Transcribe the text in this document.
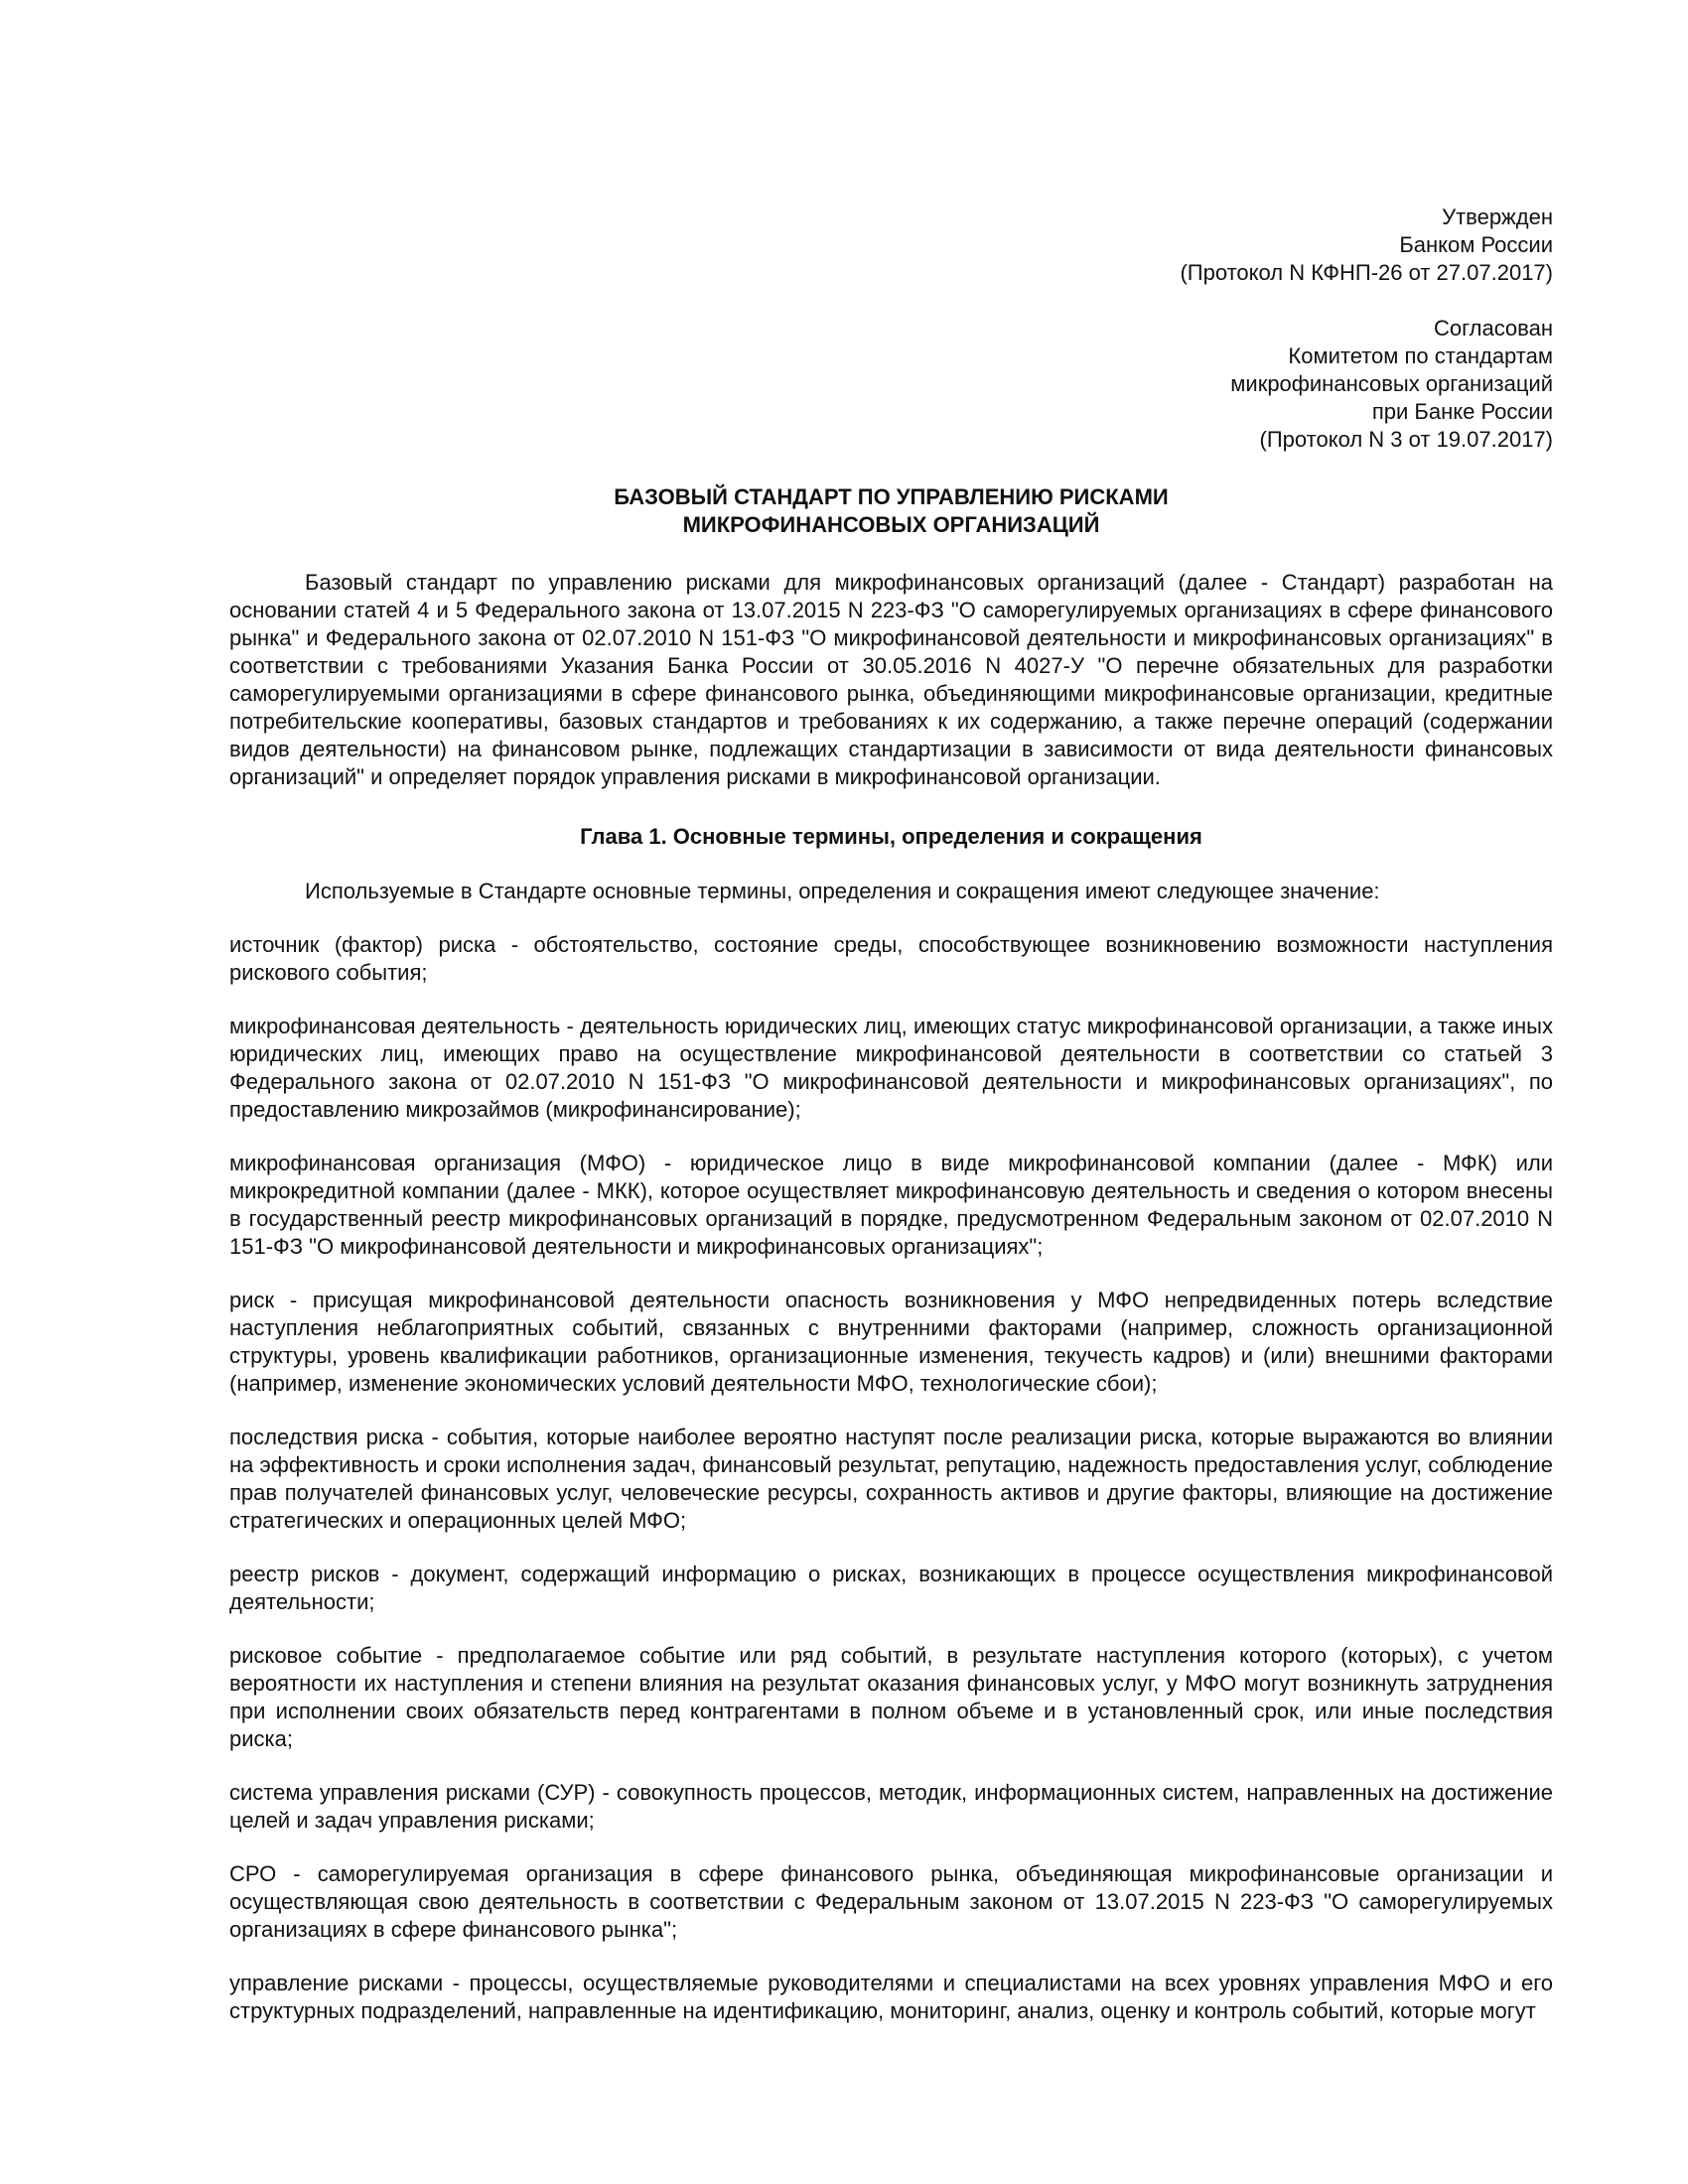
Утвержден
Банком России
(Протокол N КФНП-26 от 27.07.2017)
Согласован
Комитетом по стандартам
микрофинансовых организаций
при Банке России
(Протокол N 3 от 19.07.2017)
БАЗОВЫЙ СТАНДАРТ ПО УПРАВЛЕНИЮ РИСКАМИ
МИКРОФИНАНСОВЫХ ОРГАНИЗАЦИЙ

Базовый стандарт по управлению рисками для микрофинансовых организаций (далее - Стандарт) разработан на основании статей 4 и 5 Федерального закона от 13.07.2015 N 223-ФЗ "О саморегулируемых организациях в сфере финансового рынка" и Федерального закона от 02.07.2010 N 151-ФЗ "О микрофинансовой деятельности и микрофинансовых организациях" в соответствии с требованиями Указания Банка России от 30.05.2016 N 4027-У "О перечне обязательных для разработки саморегулируемыми организациями в сфере финансового рынка, объединяющими микрофинансовые организации, кредитные потребительские кооперативы, базовых стандартов и требованиях к их содержанию, а также перечне операций (содержании видов деятельности) на финансовом рынке, подлежащих стандартизации в зависимости от вида деятельности финансовых организаций" и определяет порядок управления рисками в микрофинансовой организации.

Глава 1. Основные термины, определения и сокращения

Используемые в Стандарте основные термины, определения и сокращения имеют следующее значение:

источник (фактор) риска - обстоятельство, состояние среды, способствующее возникновению возможности наступления рискового события;

микрофинансовая деятельность - деятельность юридических лиц, имеющих статус микрофинансовой организации, а также иных юридических лиц, имеющих право на осуществление микрофинансовой деятельности в соответствии со статьей 3 Федерального закона от 02.07.2010 N 151-ФЗ "О микрофинансовой деятельности и микрофинансовых организациях", по предоставлению микрозаймов (микрофинансирование);

микрофинансовая организация (МФО) - юридическое лицо в виде микрофинансовой компании (далее - МФК) или микрокредитной компании (далее - МКК), которое осуществляет микрофинансовую деятельность и сведения о котором внесены в государственный реестр микрофинансовых организаций в порядке, предусмотренном Федеральным законом от 02.07.2010 N 151-ФЗ "О микрофинансовой деятельности и микрофинансовых организациях";

риск - присущая микрофинансовой деятельности опасность возникновения у МФО непредвиденных потерь вследствие наступления неблагоприятных событий, связанных с внутренними факторами (например, сложность организационной структуры, уровень квалификации работников, организационные изменения, текучесть кадров) и (или) внешними факторами (например, изменение экономических условий деятельности МФО, технологические сбои);

последствия риска - события, которые наиболее вероятно наступят после реализации риска, которые выражаются во влиянии на эффективность и сроки исполнения задач, финансовый результат, репутацию, надежность предоставления услуг, соблюдение прав получателей финансовых услуг, человеческие ресурсы, сохранность активов и другие факторы, влияющие на достижение стратегических и операционных целей МФО;

реестр рисков - документ, содержащий информацию о рисках, возникающих в процессе осуществления микрофинансовой деятельности;

рисковое событие - предполагаемое событие или ряд событий, в результате наступления которого (которых), с учетом вероятности их наступления и степени влияния на результат оказания финансовых услуг, у МФО могут возникнуть затруднения при исполнении своих обязательств перед контрагентами в полном объеме и в установленный срок, или иные последствия риска;

система управления рисками (СУР) - совокупность процессов, методик, информационных систем, направленных на достижение целей и задач управления рисками;

СРО - саморегулируемая организация в сфере финансового рынка, объединяющая микрофинансовые организации и осуществляющая свою деятельность в соответствии с Федеральным законом от 13.07.2015 N 223-ФЗ "О саморегулируемых организациях в сфере финансового рынка";

управление рисками - процессы, осуществляемые руководителями и специалистами на всех уровнях управления МФО и его структурных подразделений, направленные на идентификацию, мониторинг, анализ, оценку и контроль событий, которые могут
